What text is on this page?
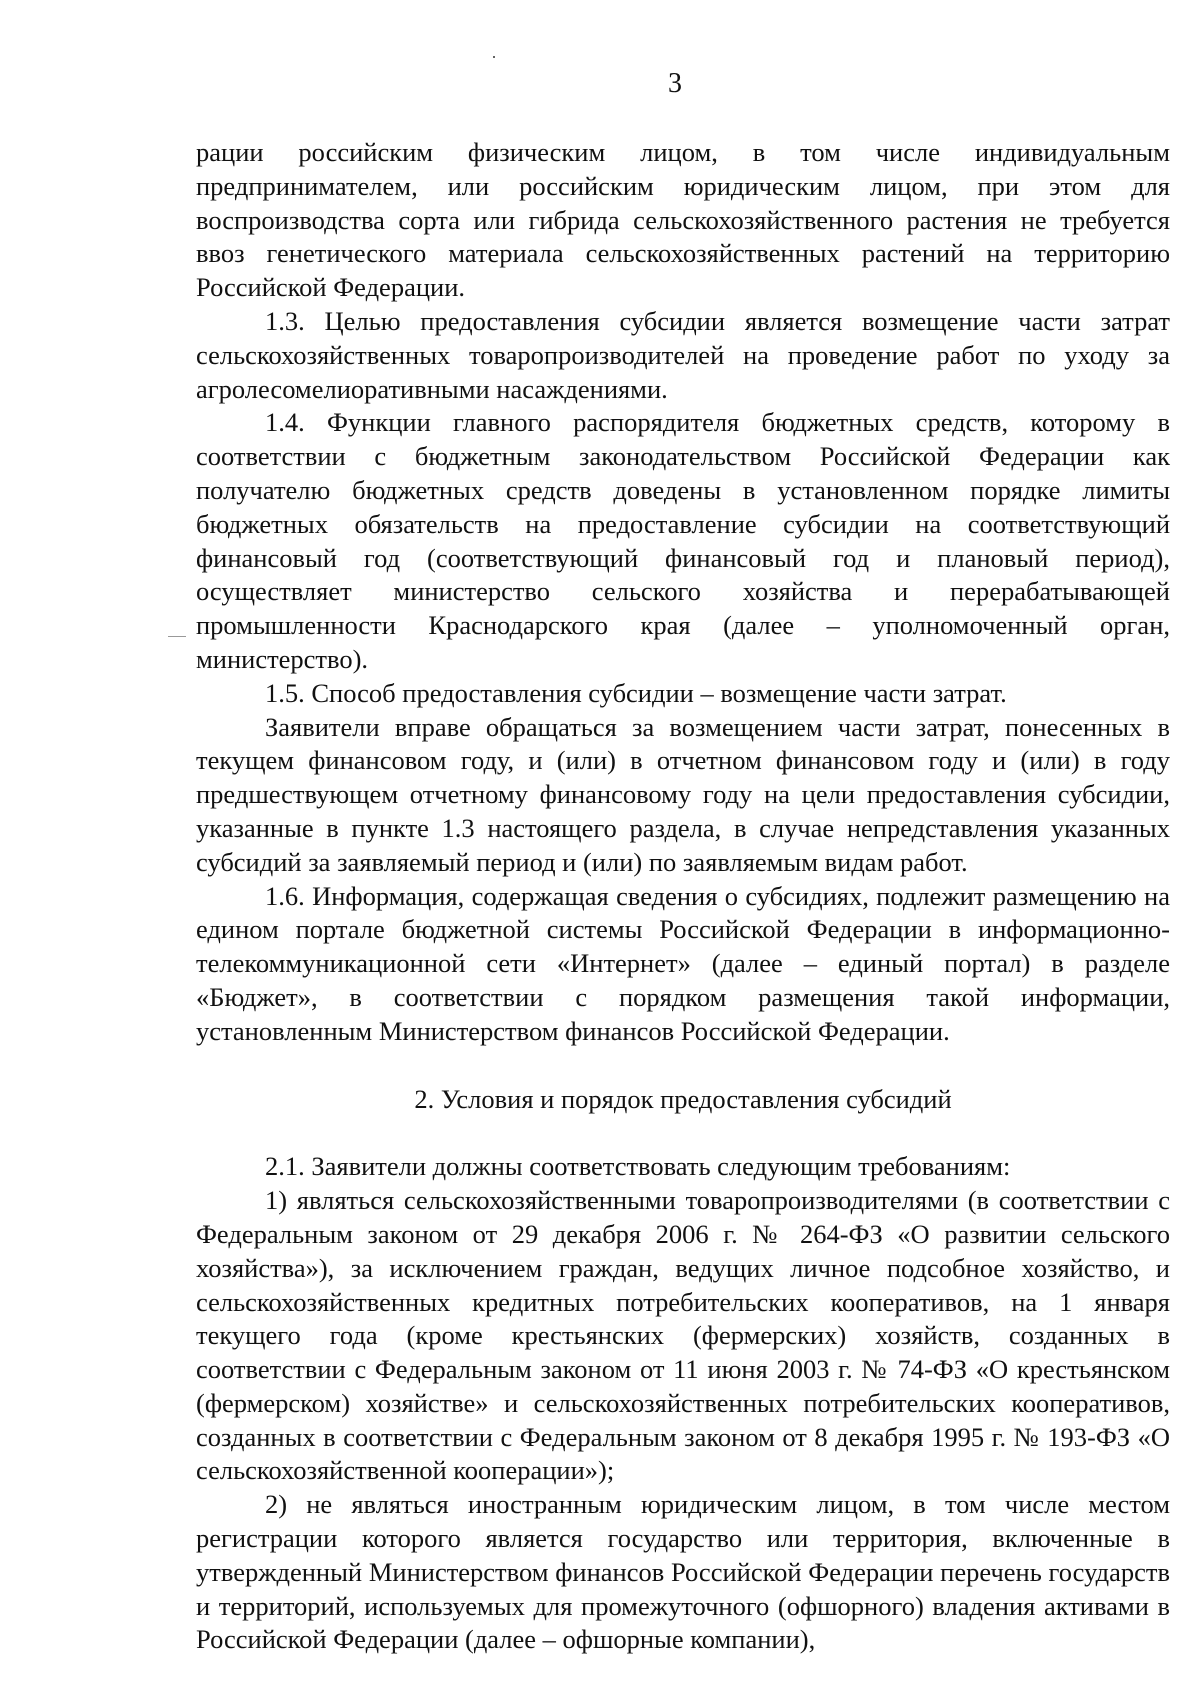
3

рации российским физическим лицом, в том числе индивидуальным предпринимателем, или российским юридическим лицом, при этом для воспроизводства сорта или гибрида сельскохозяйственного растения не требуется ввоз генетического материала сельскохозяйственных растений на территорию Российской Федерации.

1.3. Целью предоставления субсидии является возмещение части затрат сельскохозяйственных товаропроизводителей на проведение работ по уходу за агролесомелиоративными насаждениями.

1.4. Функции главного распорядителя бюджетных средств, которому в соответствии с бюджетным законодательством Российской Федерации как получателю бюджетных средств доведены в установленном порядке лимиты бюджетных обязательств на предоставление субсидии на соответствующий финансовый год (соответствующий финансовый год и плановый период), осуществляет министерство сельского хозяйства и перерабатывающей промышленности Краснодарского края (далее – уполномоченный орган, министерство).

1.5. Способ предоставления субсидии – возмещение части затрат.

Заявители вправе обращаться за возмещением части затрат, понесенных в текущем финансовом году, и (или) в отчетном финансовом году и (или) в году предшествующем отчетному финансовому году на цели предоставления субсидии, указанные в пункте 1.3 настоящего раздела, в случае непредставления указанных субсидий за заявляемый период и (или) по заявляемым видам работ.

1.6. Информация, содержащая сведения о субсидиях, подлежит размещению на едином портале бюджетной системы Российской Федерации в информационно-телекоммуникационной сети «Интернет» (далее – единый портал) в разделе «Бюджет», в соответствии с порядком размещения такой информации, установленным Министерством финансов Российской Федерации.

2. Условия и порядок предоставления субсидий

2.1. Заявители должны соответствовать следующим требованиям:

1) являться сельскохозяйственными товаропроизводителями (в соответствии с Федеральным законом от 29 декабря 2006 г. № 264-ФЗ «О развитии сельского хозяйства»), за исключением граждан, ведущих личное подсобное хозяйство, и сельскохозяйственных кредитных потребительских кооперативов, на 1 января текущего года (кроме крестьянских (фермерских) хозяйств, созданных в соответствии с Федеральным законом от 11 июня 2003 г. № 74-ФЗ «О крестьянском (фермерском) хозяйстве» и сельскохозяйственных потребительских кооперативов, созданных в соответствии с Федеральным законом от 8 декабря 1995 г. № 193-ФЗ «О сельскохозяйственной кооперации»);

2) не являться иностранным юридическим лицом, в том числе местом регистрации которого является государство или территория, включенные в утвержденный Министерством финансов Российской Федерации перечень государств и территорий, используемых для промежуточного (офшорного) владения активами в Российской Федерации (далее – офшорные компании),
